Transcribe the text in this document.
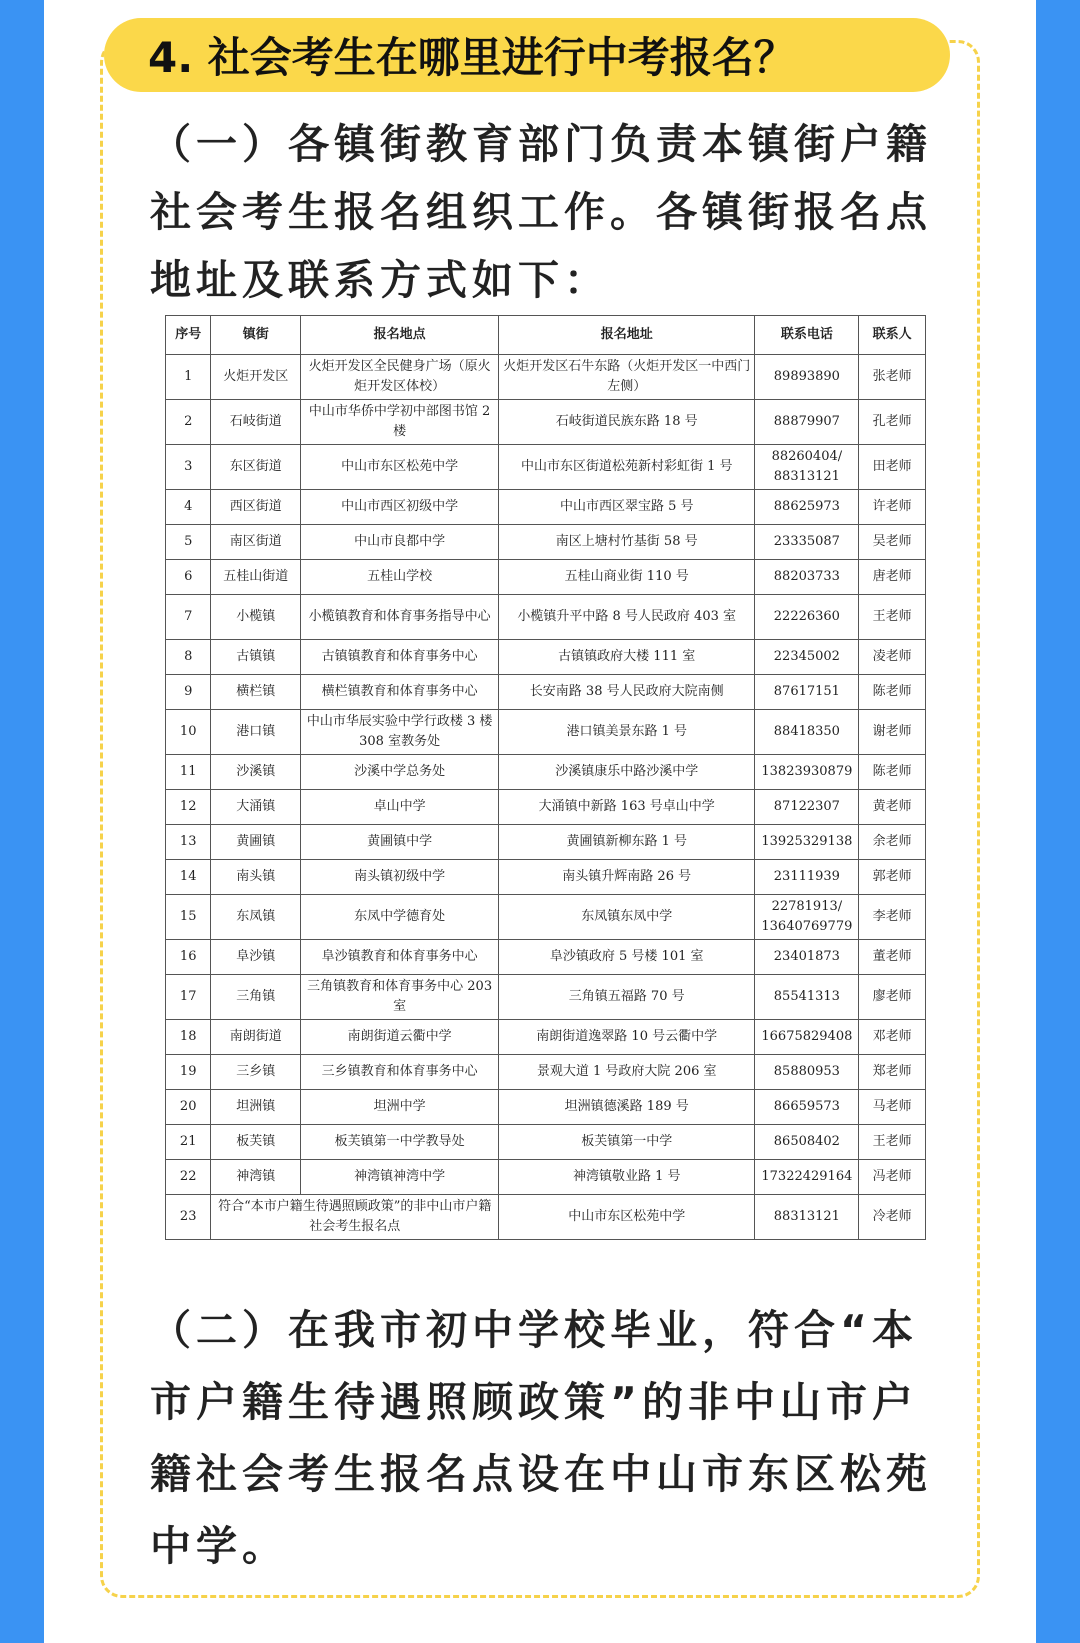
4. 社会考生在哪里进行中考报名？

（一）各镇街教育部门负责本镇街户籍社会考生报名组织工作。各镇街报名点地址及联系方式如下：

序号	镇街	报名地点	报名地址	联系电话	联系人
1	火炬开发区	火炬开发区全民健身广场（原火炬开发区体校）	火炬开发区石牛东路（火炬开发区一中西门左侧）	89893890	张老师
2	石岐街道	中山市华侨中学初中部图书馆 2 楼	石岐街道民族东路 18 号	88879907	孔老师
3	东区街道	中山市东区松苑中学	中山市东区街道松苑新村彩虹街 1 号	88260404/​88313121	田老师
4	西区街道	中山市西区初级中学	中山市西区翠宝路 5 号	88625973	许老师
5	南区街道	中山市良都中学	南区上塘村竹基街 58 号	23335087	吴老师
6	五桂山街道	五桂山学校	五桂山商业街 110 号	88203733	唐老师
7	小榄镇	小榄镇教育和体育事务指导中心	小榄镇升平中路 8 号人民政府 403 室	22226360	王老师
8	古镇镇	古镇镇教育和体育事务中心	古镇镇政府大楼 111 室	22345002	凌老师
9	横栏镇	横栏镇教育和体育事务中心	长安南路 38 号人民政府大院南侧	87617151	陈老师
10	港口镇	中山市华辰实验中学行政楼 3 楼 308 室教务处	港口镇美景东路 1 号	88418350	谢老师
11	沙溪镇	沙溪中学总务处	沙溪镇康乐中路沙溪中学	13823930879	陈老师
12	大涌镇	卓山中学	大涌镇中新路 163 号卓山中学	87122307	黄老师
13	黄圃镇	黄圃镇中学	黄圃镇新柳东路 1 号	13925329138	余老师
14	南头镇	南头镇初级中学	南头镇升辉南路 26 号	23111939	郭老师
15	东凤镇	东凤中学德育处	东凤镇东凤中学	22781913/​13640769779	李老师
16	阜沙镇	阜沙镇教育和体育事务中心	阜沙镇政府 5 号楼 101 室	23401873	董老师
17	三角镇	三角镇教育和体育事务中心 203 室	三角镇五福路 70 号	85541313	廖老师
18	南朗街道	南朗街道云衢中学	南朗街道逸翠路 10 号云衢中学	16675829408	邓老师
19	三乡镇	三乡镇教育和体育事务中心	景观大道 1 号政府大院 206 室	85880953	郑老师
20	坦洲镇	坦洲中学	坦洲镇德溪路 189 号	86659573	马老师
21	板芙镇	板芙镇第一中学教导处	板芙镇第一中学	86508402	王老师
22	神湾镇	神湾镇神湾中学	神湾镇敬业路 1 号	17322429164	冯老师
23	符合“本市户籍生待遇照顾政策”的非中山市户籍社会考生报名点		中山市东区松苑中学	88313121	冷老师

（二）在我市初中学校毕业，符合“本市户籍生待遇照顾政策”的非中山市户籍社会考生报名点设在中山市东区松苑中学
。
